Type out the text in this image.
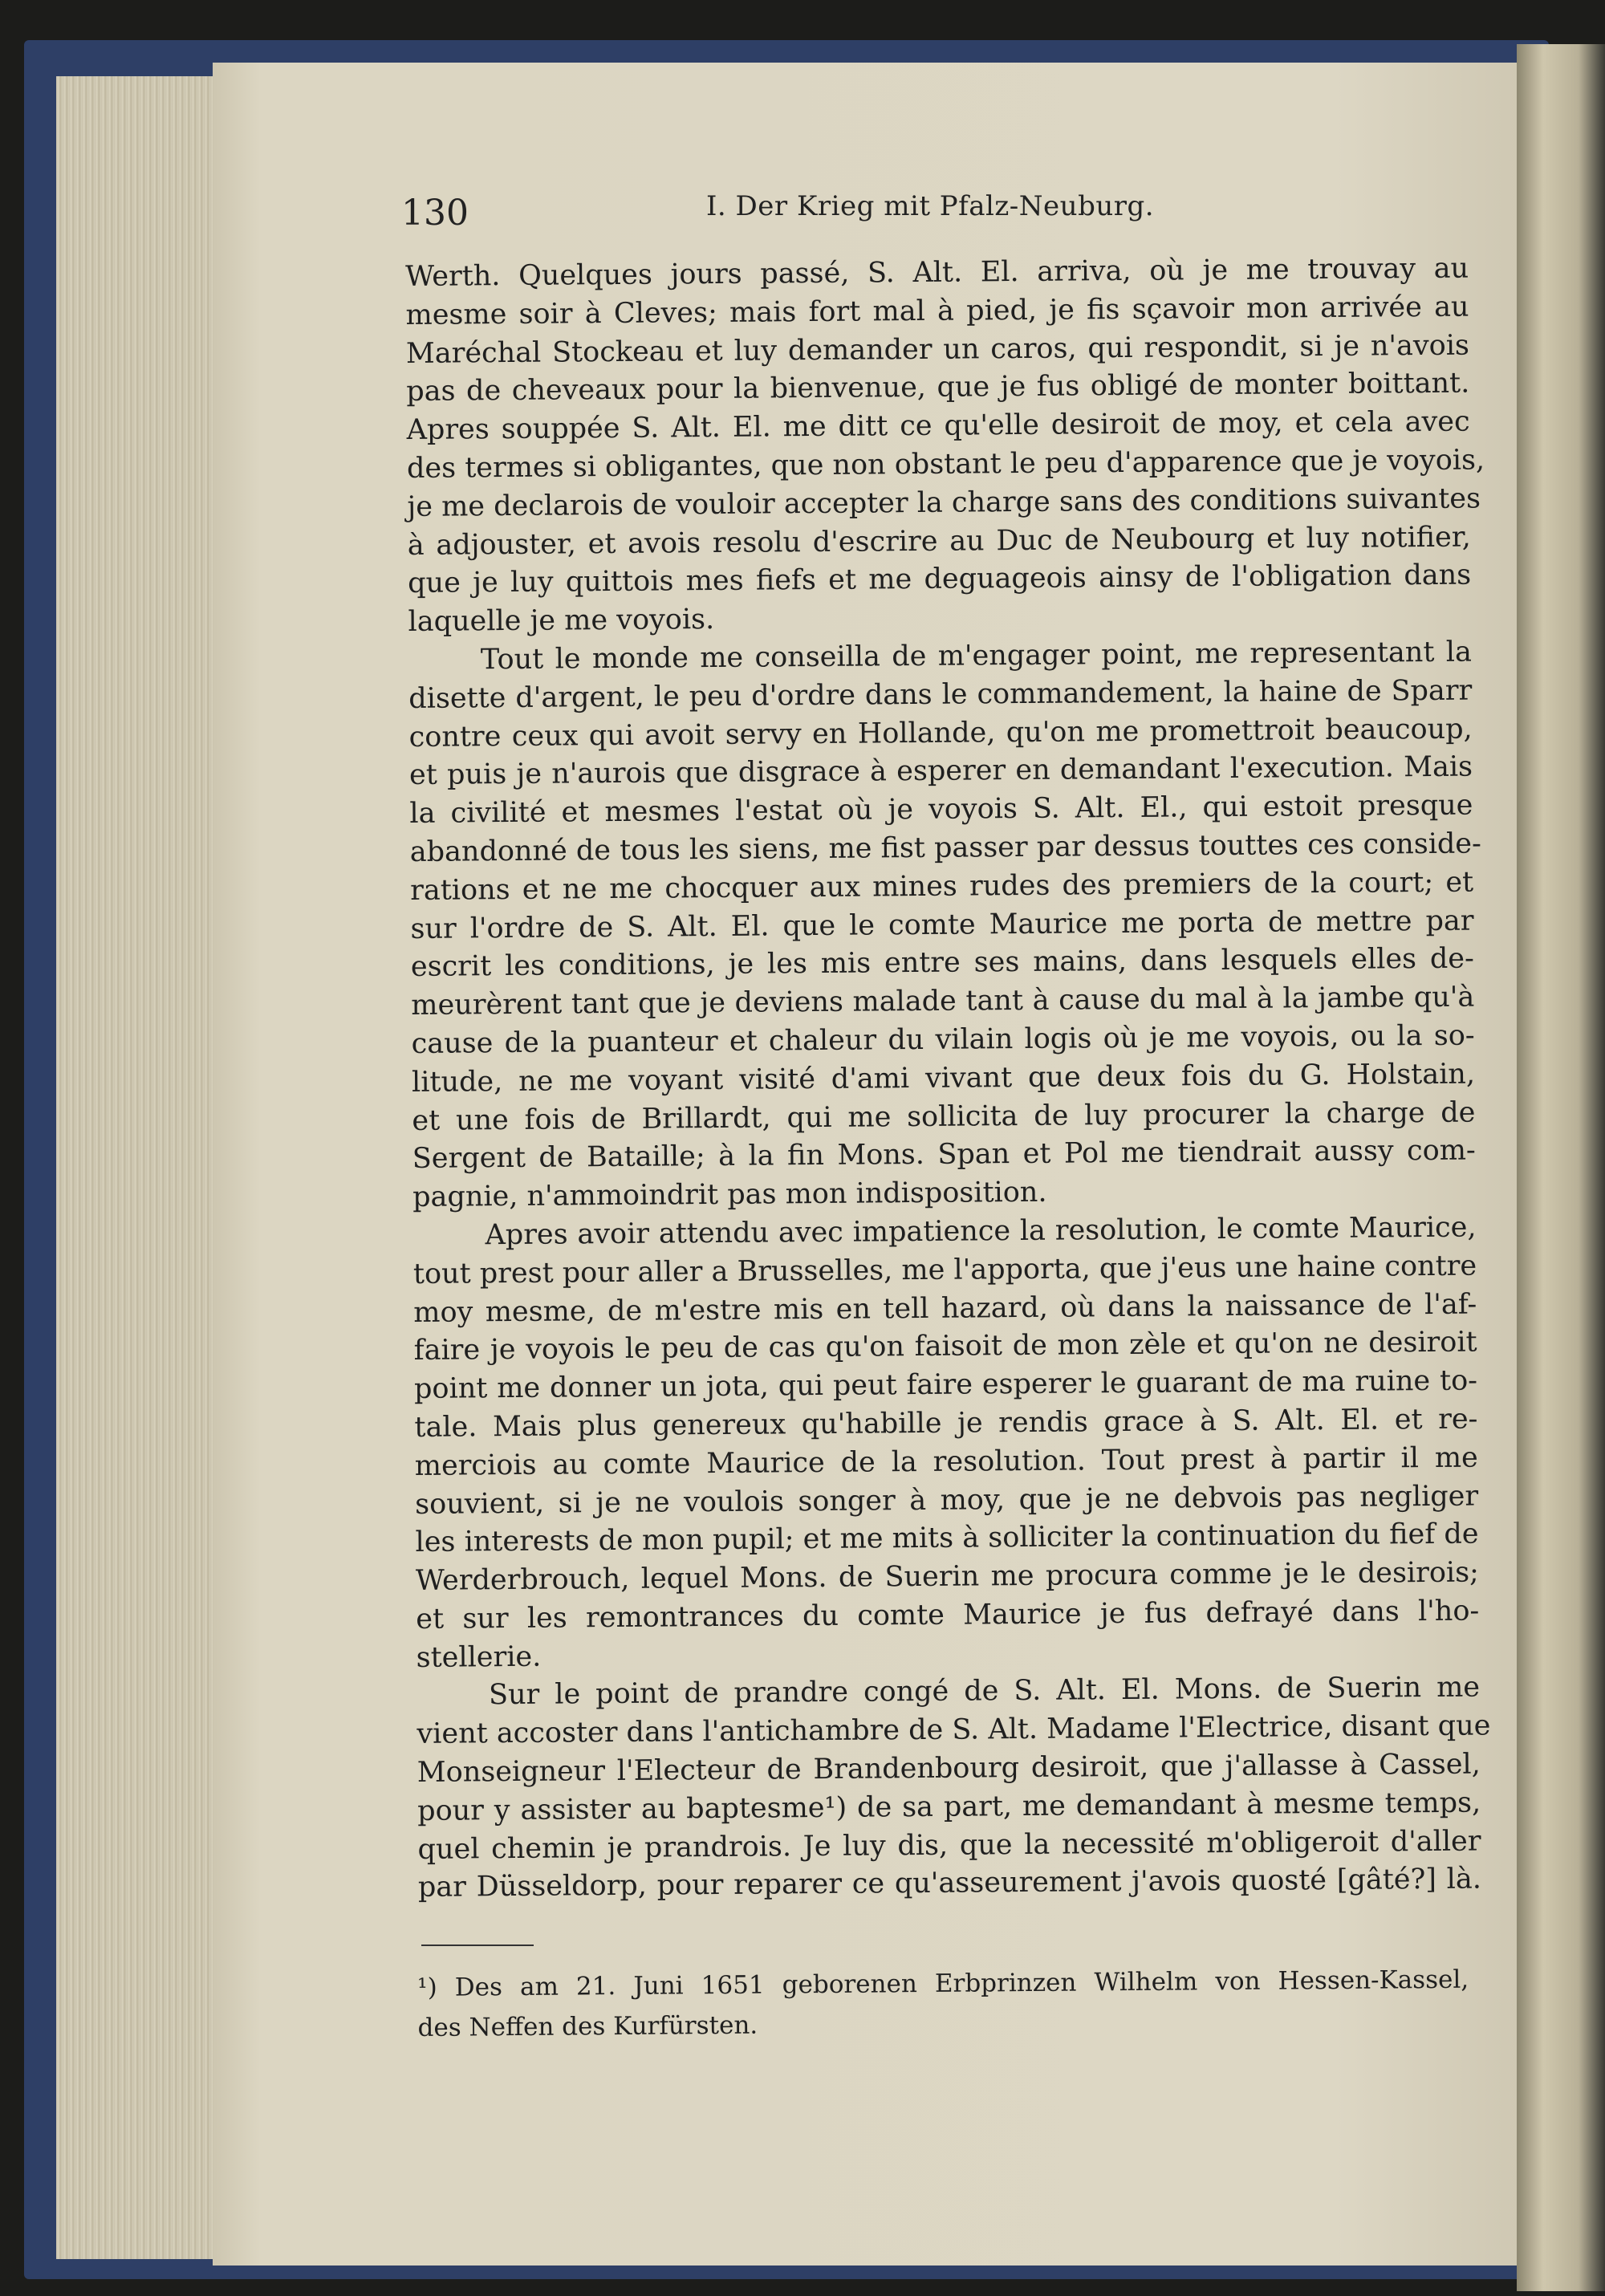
130	I. Der Krieg mit Pfalz-Neuburg.

Werth. Quelques jours passé, S. Alt. El. arriva, où je me trouvay au
mesme soir à Cleves; mais fort mal à pied, je fis sçavoir mon arrivée au
Maréchal Stockeau et luy demander un caros, qui respondit, si je n'avois
pas de cheveaux pour la bienvenue, que je fus obligé de monter boittant.
Apres souppée S. Alt. El. me ditt ce qu'elle desiroit de moy, et cela avec
des termes si obligantes, que non obstant le peu d'apparence que je voyois,
je me declarois de vouloir accepter la charge sans des conditions suivantes
à adjouster, et avois resolu d'escrire au Duc de Neubourg et luy notifier,
que je luy quittois mes fiefs et me deguageois ainsy de l'obligation dans
laquelle je me voyois.
Tout le monde me conseilla de m'engager point, me representant la
disette d'argent, le peu d'ordre dans le commandement, la haine de Sparr
contre ceux qui avoit servy en Hollande, qu'on me promettroit beaucoup,
et puis je n'aurois que disgrace à esperer en demandant l'execution. Mais
la civilité et mesmes l'estat où je voyois S. Alt. El., qui estoit presque
abandonné de tous les siens, me fist passer par dessus touttes ces conside-
rations et ne me chocquer aux mines rudes des premiers de la court; et
sur l'ordre de S. Alt. El. que le comte Maurice me porta de mettre par
escrit les conditions, je les mis entre ses mains, dans lesquels elles de-
meurèrent tant que je deviens malade tant à cause du mal à la jambe qu'à
cause de la puanteur et chaleur du vilain logis où je me voyois, ou la so-
litude, ne me voyant visité d'ami vivant que deux fois du G. Holstain,
et une fois de Brillardt, qui me sollicita de luy procurer la charge de
Sergent de Bataille; à la fin Mons. Span et Pol me tiendrait aussy com-
pagnie, n'ammoindrit pas mon indisposition.
Apres avoir attendu avec impatience la resolution, le comte Maurice,
tout prest pour aller a Brusselles, me l'apporta, que j'eus une haine contre
moy mesme, de m'estre mis en tell hazard, où dans la naissance de l'af-
faire je voyois le peu de cas qu'on faisoit de mon zèle et qu'on ne desiroit
point me donner un jota, qui peut faire esperer le guarant de ma ruine to-
tale. Mais plus genereux qu'habille je rendis grace à S. Alt. El. et re-
merciois au comte Maurice de la resolution. Tout prest à partir il me
souvient, si je ne voulois songer à moy, que je ne debvois pas negliger
les interests de mon pupil; et me mits à solliciter la continuation du fief de
Werderbrouch, lequel Mons. de Suerin me procura comme je le desirois;
et sur les remontrances du comte Maurice je fus defrayé dans l'ho-
stellerie.
Sur le point de prandre congé de S. Alt. El. Mons. de Suerin me
vient accoster dans l'antichambre de S. Alt. Madame l'Electrice, disant que
Monseigneur l'Electeur de Brandenbourg desiroit, que j'allasse à Cassel,
pour y assister au baptesme¹) de sa part, me demandant à mesme temps,
quel chemin je prandrois. Je luy dis, que la necessité m'obligeroit d'aller
par Düsseldorp, pour reparer ce qu'asseurement j'avois quosté [gâté?] là.
¹) Des am 21. Juni 1651 geborenen Erbprinzen Wilhelm von Hessen-Kassel,
des Neffen des Kurfürsten.
